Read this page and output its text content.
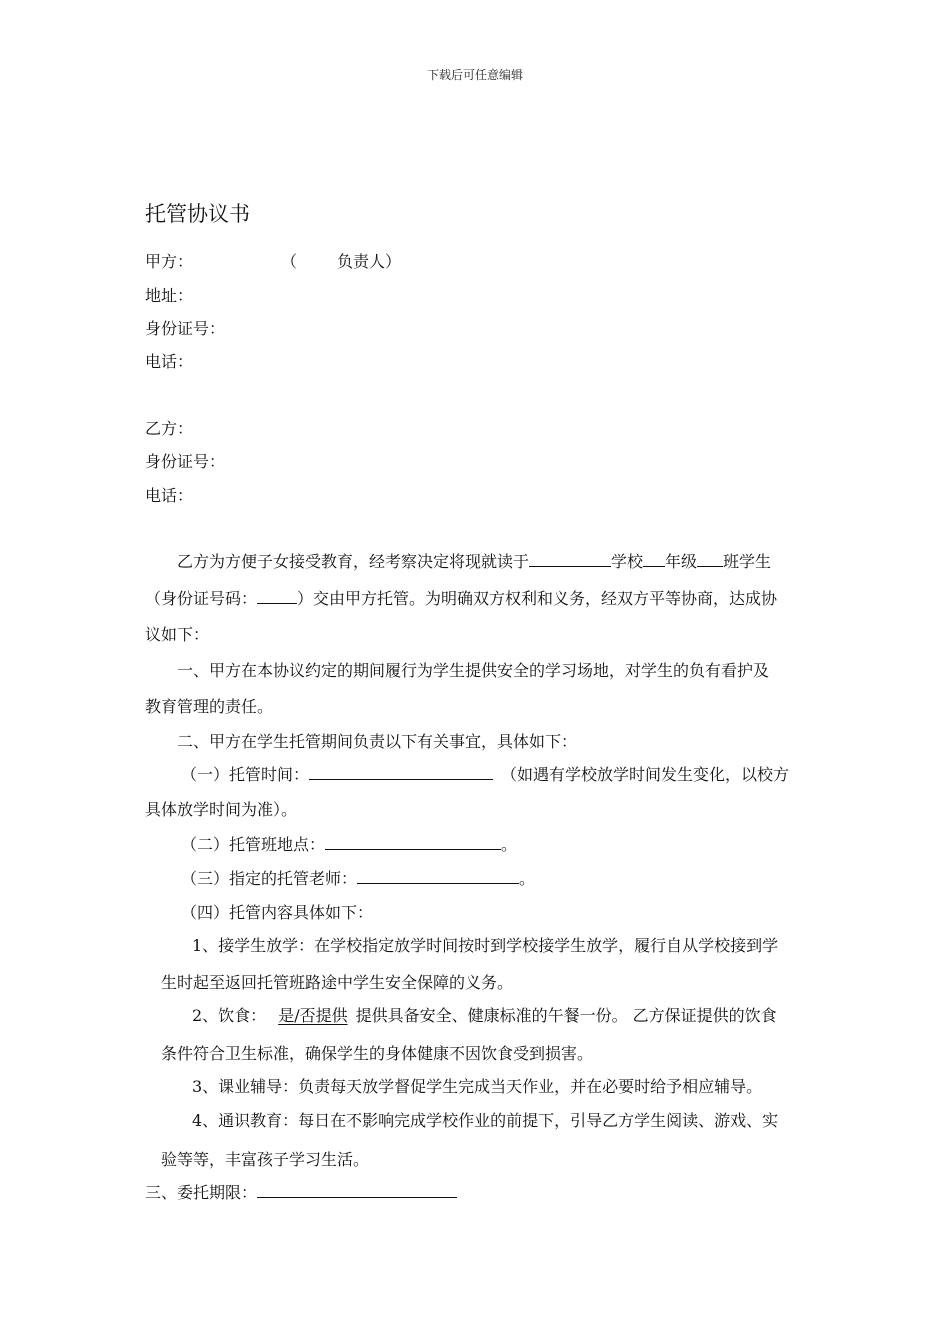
下载后可任意编辑
托管协议书
甲方：	（	负责人）
地址：
身份证号：
电话：
乙方：
身份证号：
电话：
乙方为方便子女接受教育，经考察决定将现就读于	学校 年级 班学生
（身份证号码：	）交由甲方托管。为明确双方权利和义务，经双方平等协商，达成协
议如下：
一、甲方在本协议约定的期间履行为学生提供安全的学习场地，对学生的负有看护及
教育管理的责任。
二、甲方在学生托管期间负责以下有关事宜，具体如下：
（一）托管时间：	（如遇有学校放学时间发生变化，以校方
具体放学时间为准）。
（二）托管班地点：	。
（三）指定的托管老师：	。
（四）托管内容具体如下：
1、接学生放学：在学校指定放学时间按时到学校接学生放学，履行自从学校接到学
生时起至返回托管班路途中学生安全保障的义务。
2、饮食： 是/否提供 提供具备安全、健康标准的午餐一份。 乙方保证提供的饮食
条件符合卫生标准，确保学生的身体健康不因饮食受到损害。
3、课业辅导：负责每天放学督促学生完成当天作业，并在必要时给予相应辅导。
4、通识教育：每日在不影响完成学校作业的前提下，引导乙方学生阅读、游戏、实
验等等，丰富孩子学习生活。
三、委托期限：
